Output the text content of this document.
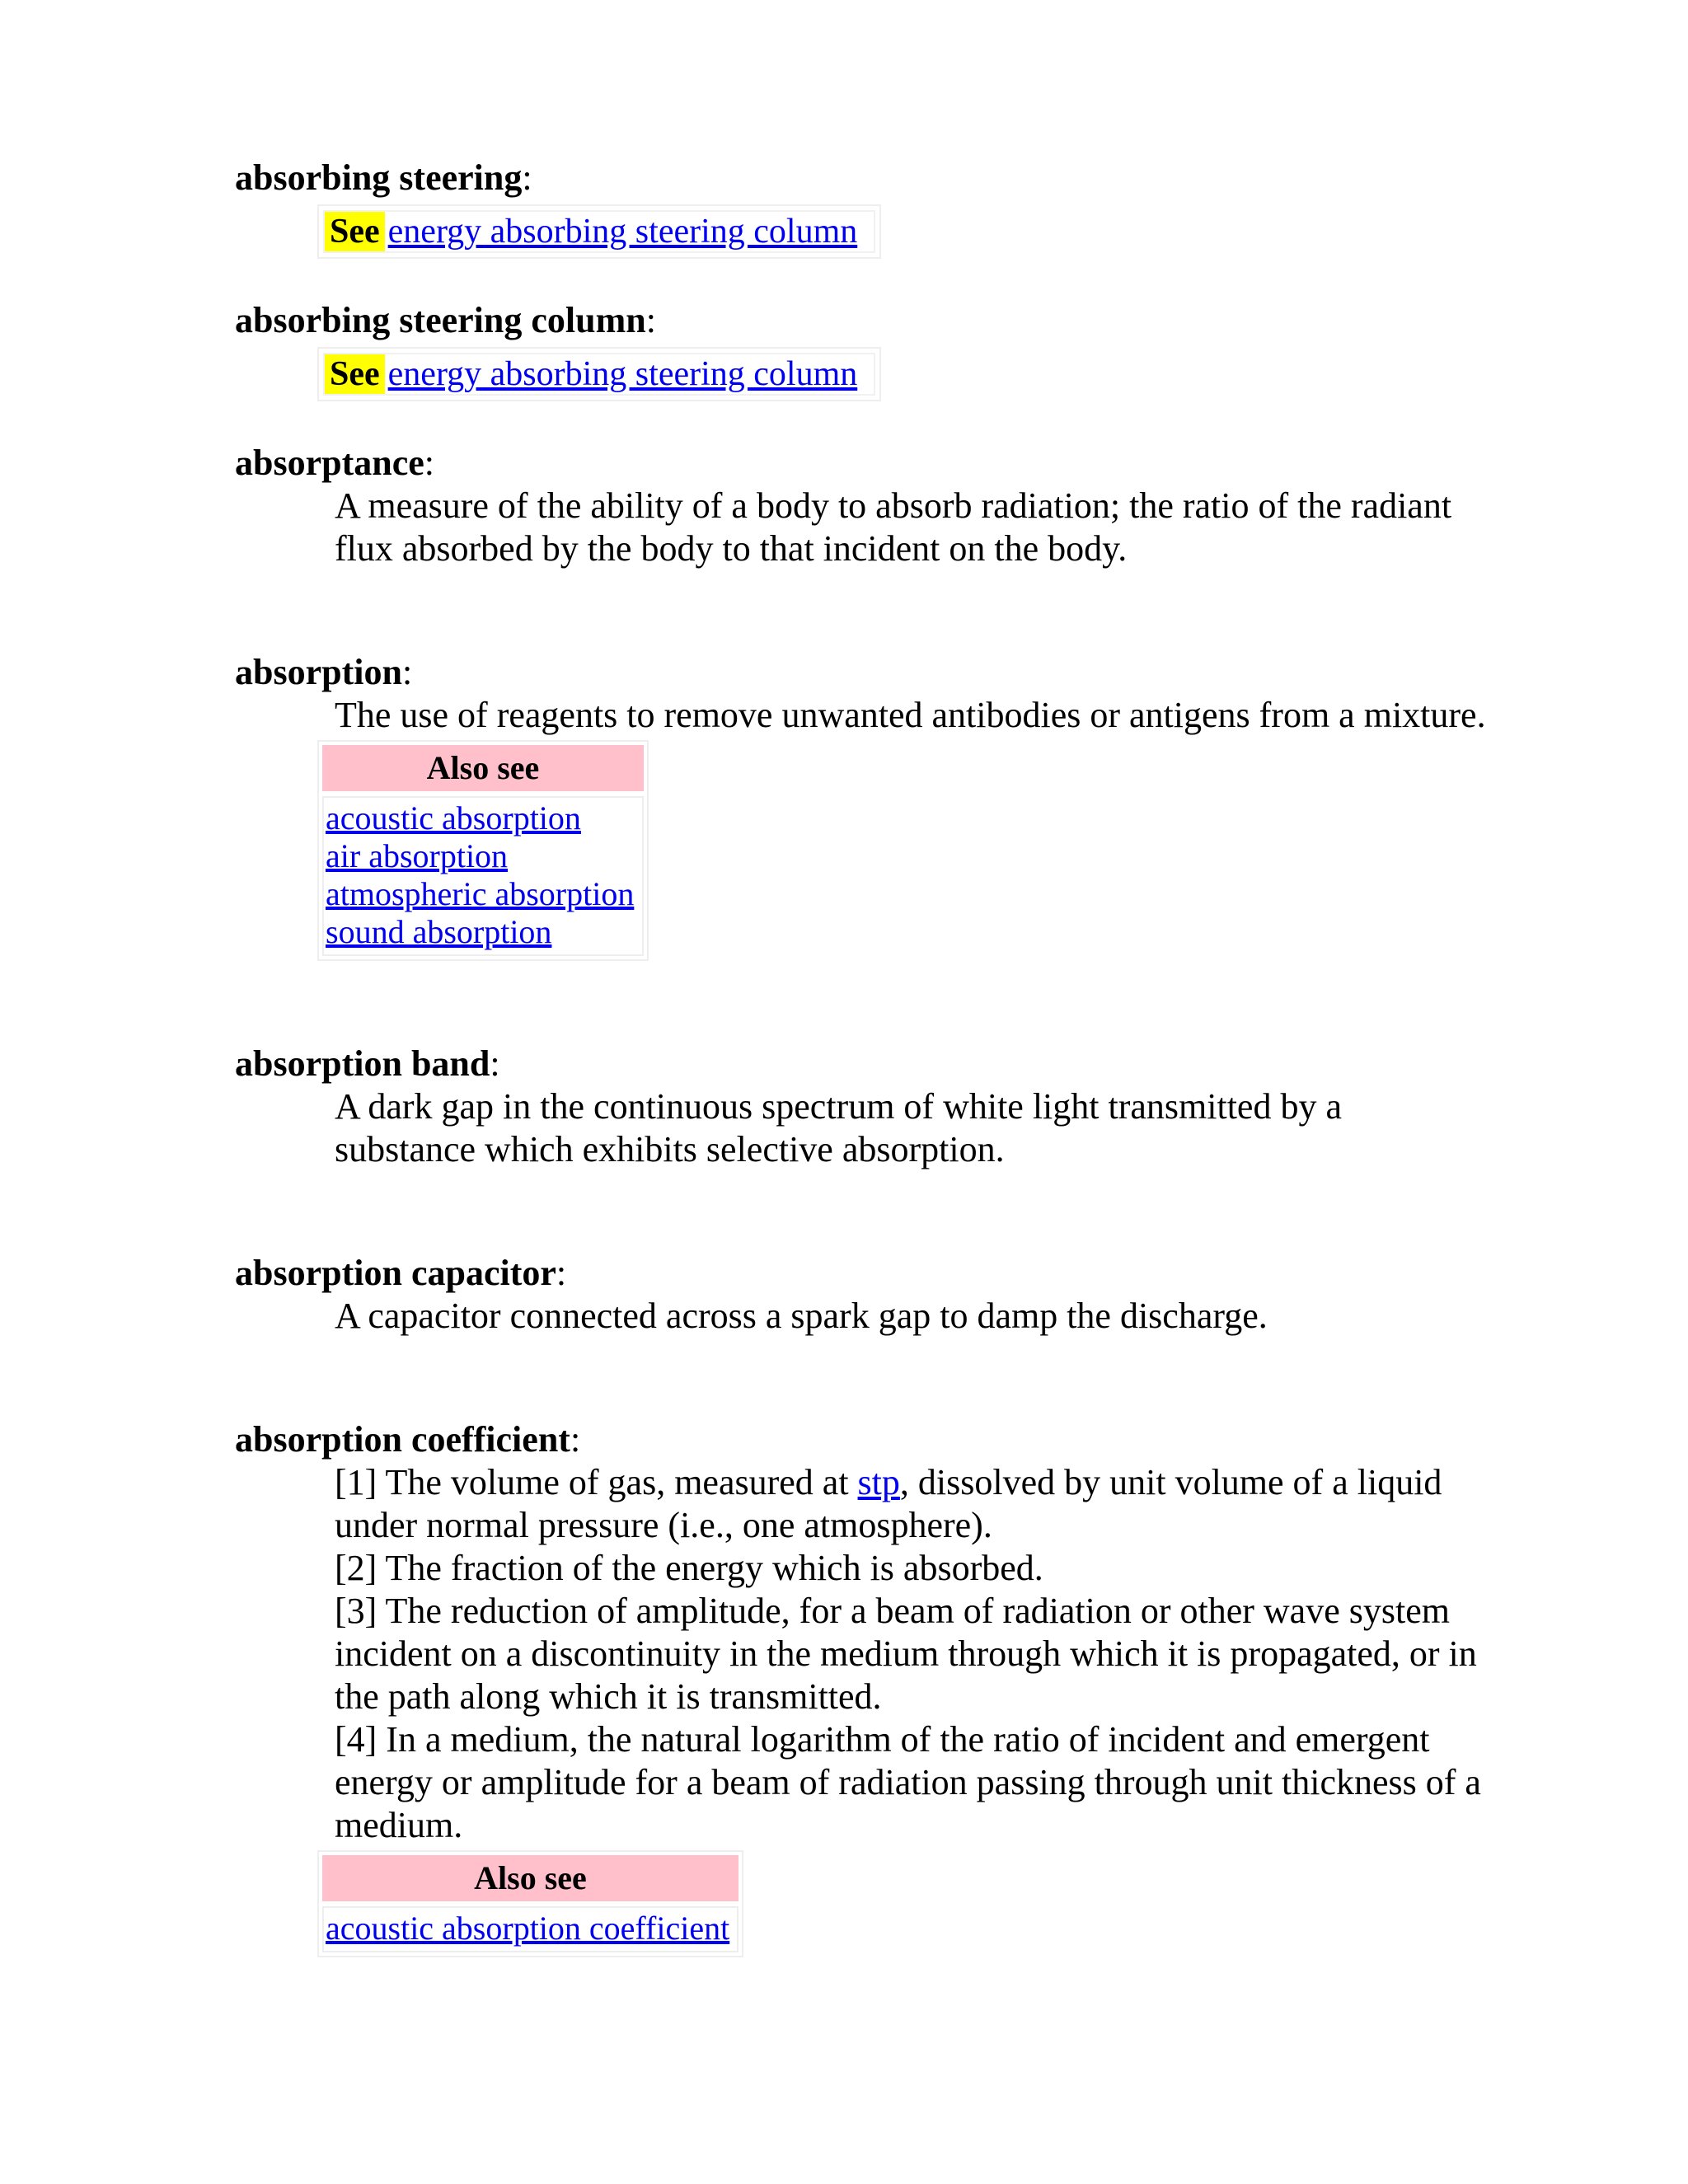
absorbing steering:
See energy absorbing steering column
absorbing steering column:
See energy absorbing steering column
absorptance:
A measure of the ability of a body to absorb radiation; the ratio of the radiant flux absorbed by the body to that incident on the body.
absorption:
The use of reagents to remove unwanted antibodies or antigens from a mixture.
Also see
acoustic absorption
air absorption
atmospheric absorption
sound absorption
absorption band:
A dark gap in the continuous spectrum of white light transmitted by a substance which exhibits selective absorption.
absorption capacitor:
A capacitor connected across a spark gap to damp the discharge.
absorption coefficient:

[1] The volume of gas, measured at stp, dissolved by unit volume of a liquid under normal pressure (i.e., one atmosphere).

[2] The fraction of the energy which is absorbed.

[3] The reduction of amplitude, for a beam of radiation or other wave system incident on a discontinuity in the medium through which it is propagated, or in the path along which it is transmitted.

[4] In a medium, the natural logarithm of the ratio of incident and emergent energy or amplitude for a beam of radiation passing through unit thickness of a medium.

Also see
acoustic absorption coefficient
